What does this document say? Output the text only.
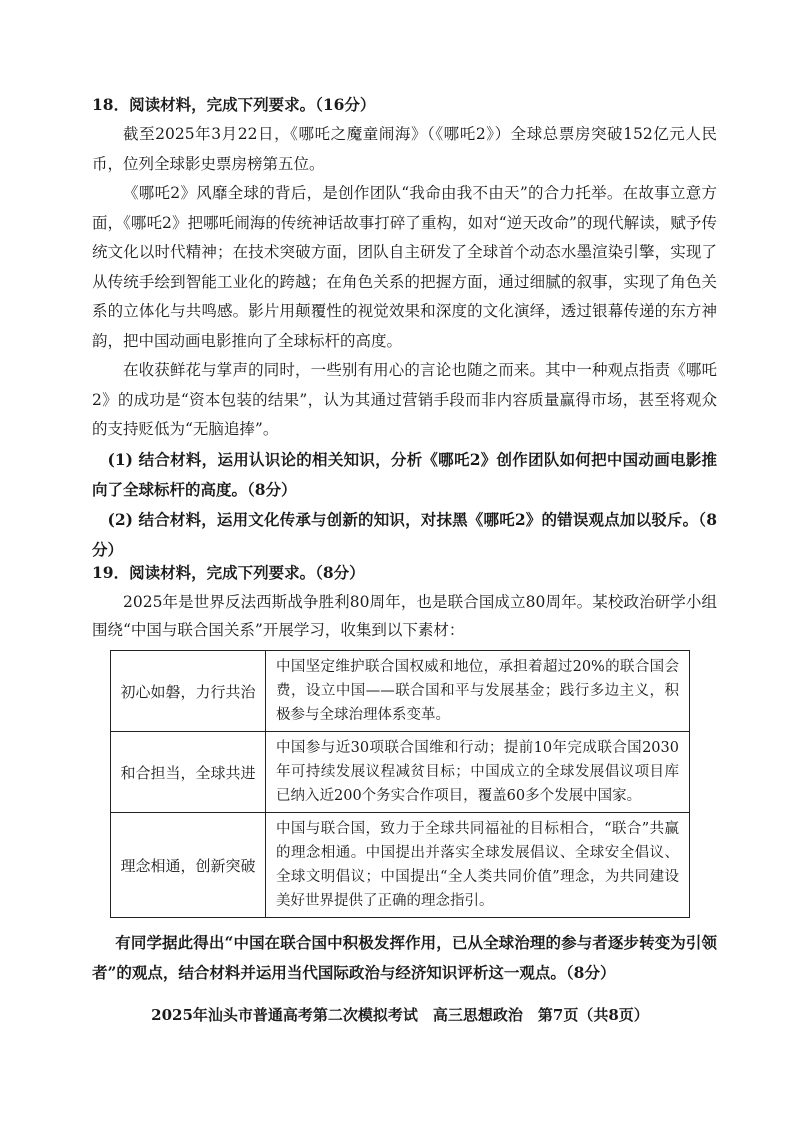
18．阅读材料，完成下列要求。（16分）

截至2025年3月22日，《哪吒之魔童闹海》（《哪吒2》）全球总票房突破152亿元人民币，位列全球影史票房榜第五位。

《哪吒2》风靡全球的背后，是创作团队“我命由我不由天”的合力托举。在故事立意方面，《哪吒2》把哪吒闹海的传统神话故事打碎了重构，如对“逆天改命”的现代解读，赋予传统文化以时代精神；在技术突破方面，团队自主研发了全球首个动态水墨渲染引擎，实现了从传统手绘到智能工业化的跨越；在角色关系的把握方面，通过细腻的叙事，实现了角色关系的立体化与共鸣感。影片用颠覆性的视觉效果和深度的文化演绎，透过银幕传递的东方神韵，把中国动画电影推向了全球标杆的高度。

在收获鲜花与掌声的同时，一些别有用心的言论也随之而来。其中一种观点指责《哪吒2》的成功是“资本包装的结果”，认为其通过营销手段而非内容质量赢得市场，甚至将观众的支持贬低为“无脑追捧”。

(1) 结合材料，运用认识论的相关知识，分析《哪吒2》创作团队如何把中国动画电影推向了全球标杆的高度。（8分）

(2) 结合材料，运用文化传承与创新的知识，对抹黑《哪吒2》的错误观点加以驳斥。（8分）

19．阅读材料，完成下列要求。（8分）

2025年是世界反法西斯战争胜利80周年，也是联合国成立80周年。某校政治研学小组围绕“中国与联合国关系”开展学习，收集到以下素材：

初心如磐，力行共治	中国坚定维护联合国权威和地位，承担着超过20%的联合国会费，设立中国——联合国和平与发展基金；践行多边主义，积极参与全球治理体系变革。
和合担当，全球共进	中国参与近30项联合国维和行动；提前10年完成联合国2030年可持续发展议程减贫目标；中国成立的全球发展倡议项目库已纳入近200个务实合作项目，覆盖60多个发展中国家。
理念相通，创新突破	中国与联合国，致力于全球共同福祉的目标相合，“联合”共赢的理念相通。中国提出并落实全球发展倡议、全球安全倡议、全球文明倡议；中国提出“全人类共同价值”理念，为共同建设美好世界提供了正确的理念指引。

有同学据此得出“中国在联合国中积极发挥作用，已从全球治理的参与者逐步转变为引领者”的观点，结合材料并运用当代国际政治与经济知识评析这一观点。（8分）

2025年汕头市普通高考第二次模拟考试　高三思想政治　第7页（共8页）
